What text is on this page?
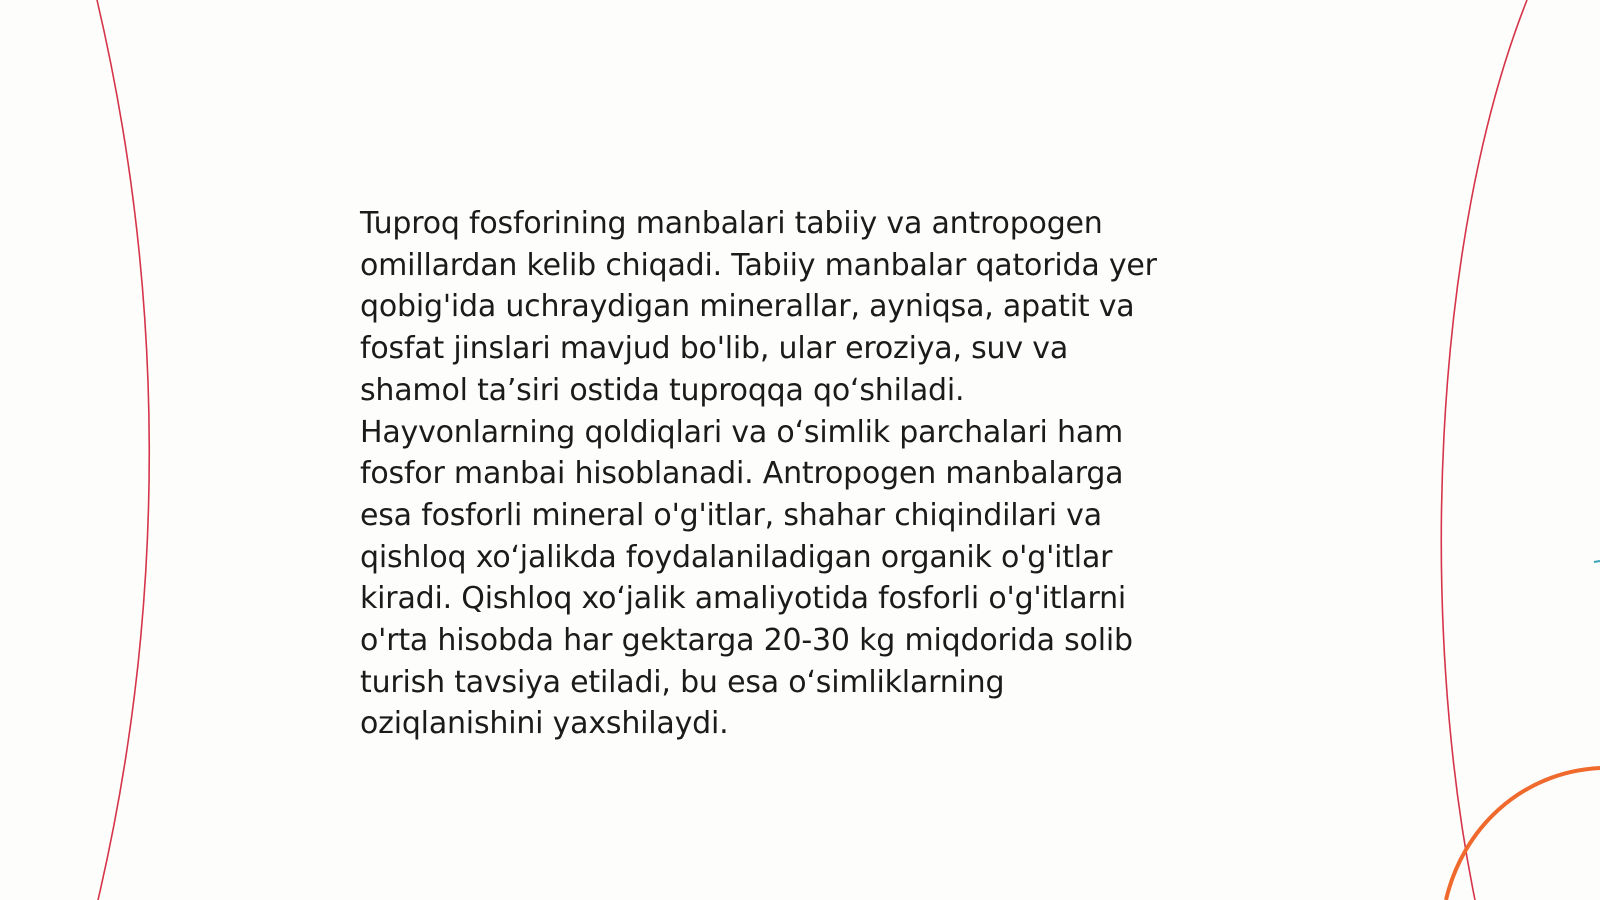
Tuproq fosforining manbalari tabiiy va antropogen
omillardan kelib chiqadi. Tabiiy manbalar qatorida yer
qobig'ida uchraydigan minerallar, ayniqsa, apatit va
fosfat jinslari mavjud bo'lib, ular eroziya, suv va
shamol ta’siri ostida tuproqqa qo‘shiladi.
Hayvonlarning qoldiqlari va o‘simlik parchalari ham
fosfor manbai hisoblanadi. Antropogen manbalarga
esa fosforli mineral o'g'itlar, shahar chiqindilari va
qishloq xo‘jalikda foydalaniladigan organik o'g'itlar
kiradi. Qishloq xo‘jalik amaliyotida fosforli o'g'itlarni
o'rta hisobda har gektarga 20-30 kg miqdorida solib
turish tavsiya etiladi, bu esa o‘simliklarning
oziqlanishini yaxshilaydi.
